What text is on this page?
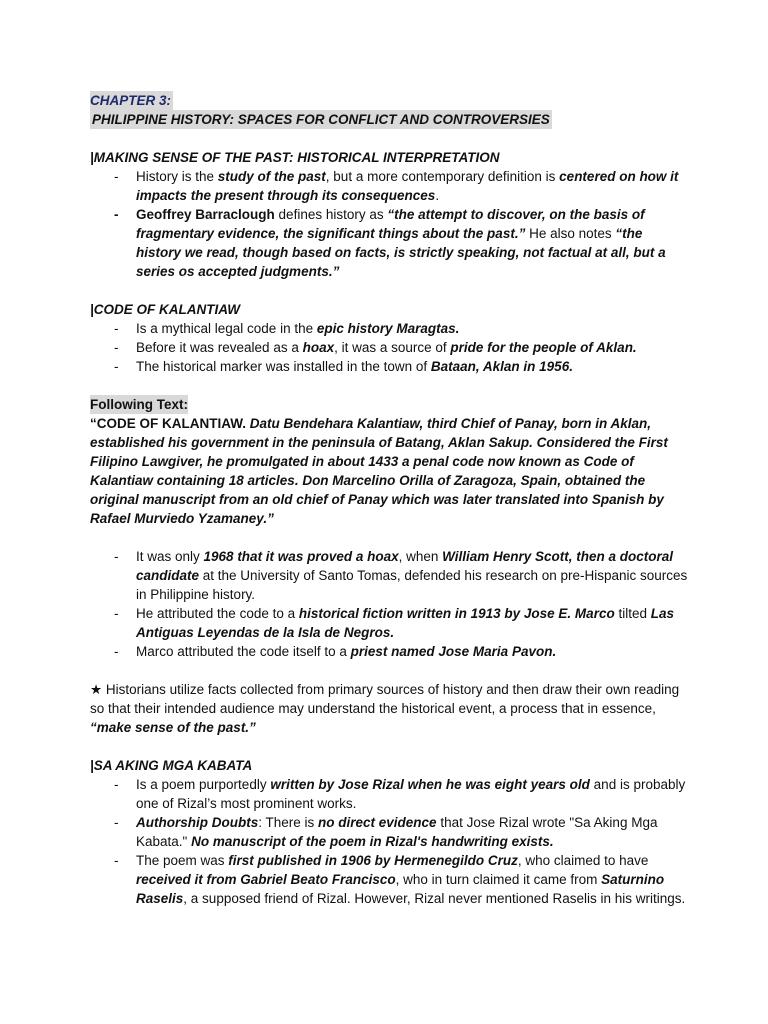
CHAPTER 3:
PHILIPPINE HISTORY: SPACES FOR CONFLICT AND CONTROVERSIES
|MAKING SENSE OF THE PAST: HISTORICAL INTERPRETATION
- History is the study of the past, but a more contemporary definition is centered on how it impacts the present through its consequences.
- Geoffrey Barraclough defines history as “the attempt to discover, on the basis of fragmentary evidence, the significant things about the past.” He also notes “the history we read, though based on facts, is strictly speaking, not factual at all, but a series os accepted judgments.”
|CODE OF KALANTIAW
- Is a mythical legal code in the epic history Maragtas.
- Before it was revealed as a hoax, it was a source of pride for the people of Aklan.
- The historical marker was installed in the town of Bataan, Aklan in 1956.
Following Text:
“CODE OF KALANTIAW. Datu Bendehara Kalantiaw, third Chief of Panay, born in Aklan, established his government in the peninsula of Batang, Aklan Sakup. Considered the First Filipino Lawgiver, he promulgated in about 1433 a penal code now known as Code of Kalantiaw containing 18 articles. Don Marcelino Orilla of Zaragoza, Spain, obtained the original manuscript from an old chief of Panay which was later translated into Spanish by Rafael Murviedo Yzamaney.”
- It was only 1968 that it was proved a hoax, when William Henry Scott, then a doctoral candidate at the University of Santo Tomas, defended his research on pre-Hispanic sources in Philippine history.
- He attributed the code to a historical fiction written in 1913 by Jose E. Marco tilted Las Antiguas Leyendas de la Isla de Negros.
- Marco attributed the code itself to a priest named Jose Maria Pavon.
★ Historians utilize facts collected from primary sources of history and then draw their own reading so that their intended audience may understand the historical event, a process that in essence, “make sense of the past.”
|SA AKING MGA KABATA
- Is a poem purportedly written by Jose Rizal when he was eight years old and is probably one of Rizal’s most prominent works.
- Authorship Doubts: There is no direct evidence that Jose Rizal wrote "Sa Aking Mga Kabata." No manuscript of the poem in Rizal's handwriting exists.
- The poem was first published in 1906 by Hermenegildo Cruz, who claimed to have received it from Gabriel Beato Francisco, who in turn claimed it came from Saturnino Raselis, a supposed friend of Rizal. However, Rizal never mentioned Raselis in his writings.
